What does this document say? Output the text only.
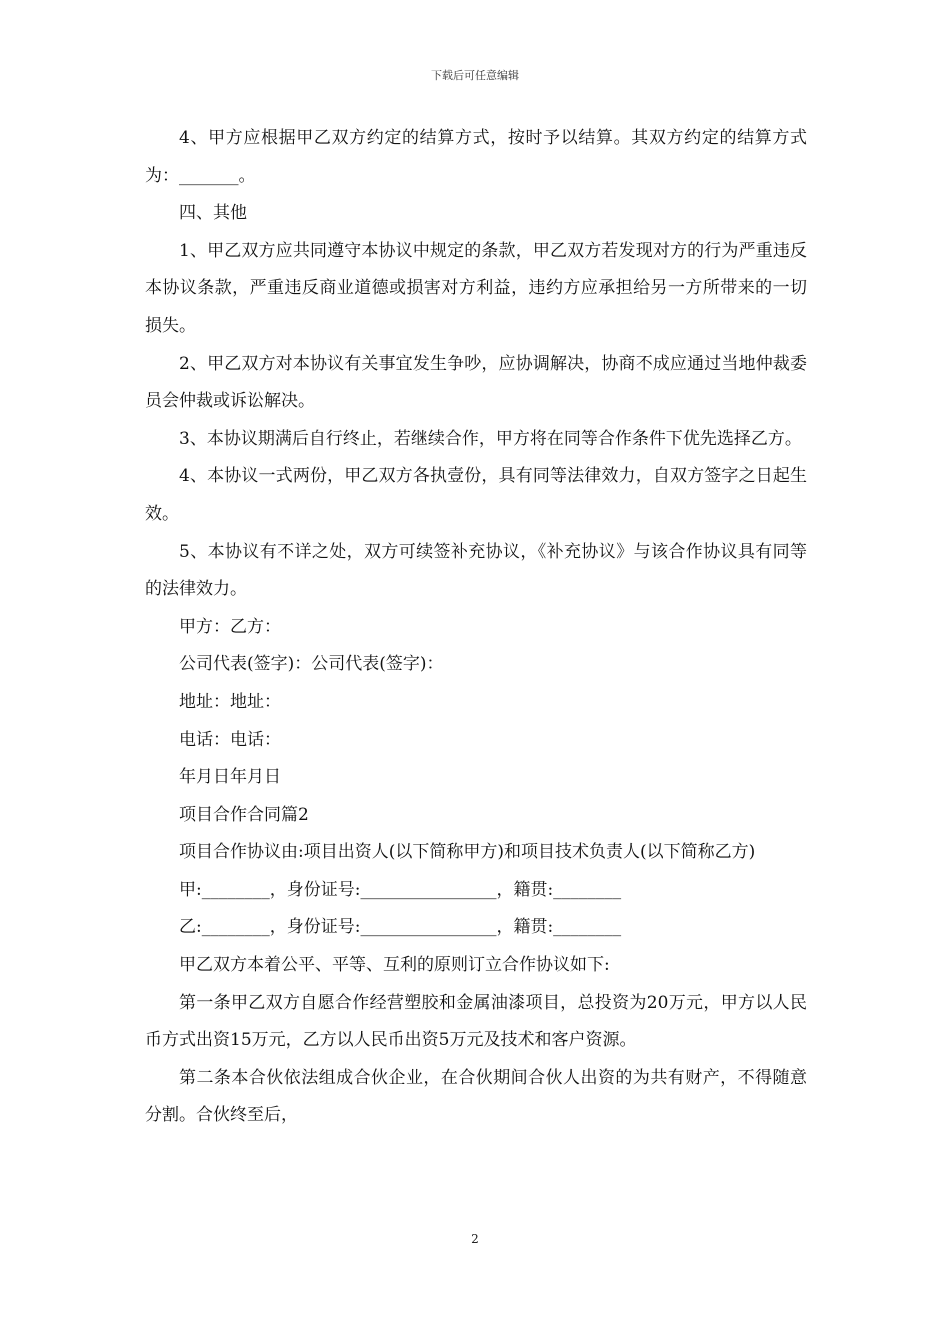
下载后可任意编辑

4、甲方应根据甲乙双方约定的结算方式，按时予以结算。其双方约定的结算方式为：_______。

四、其他

1、甲乙双方应共同遵守本协议中规定的条款，甲乙双方若发现对方的行为严重违反本协议条款，严重违反商业道德或损害对方利益，违约方应承担给另一方所带来的一切损失。

2、甲乙双方对本协议有关事宜发生争吵，应协调解决，协商不成应通过当地仲裁委员会仲裁或诉讼解决。

3、本协议期满后自行终止，若继续合作，甲方将在同等合作条件下优先选择乙方。

4、本协议一式两份，甲乙双方各执壹份，具有同等法律效力，自双方签字之日起生效。

5、本协议有不详之处，双方可续签补充协议，《补充协议》与该合作协议具有同等的法律效力。

甲方：乙方：

公司代表(签字)：公司代表(签字)：

地址：地址：

电话：电话：

年月日年月日

项目合作合同篇2

项目合作协议由:项目出资人(以下简称甲方)和项目技术负责人(以下简称乙方)

甲:________，身份证号:________________，籍贯:________

乙:________，身份证号:________________，籍贯:________

甲乙双方本着公平、平等、互利的原则订立合作协议如下:

第一条甲乙双方自愿合作经营塑胶和金属油漆项目，总投资为20万元，甲方以人民币方式出资15万元，乙方以人民币出资5万元及技术和客户资源。

第二条本合伙依法组成合伙企业，在合伙期间合伙人出资的为共有财产，不得随意分割。合伙终至后，

2
